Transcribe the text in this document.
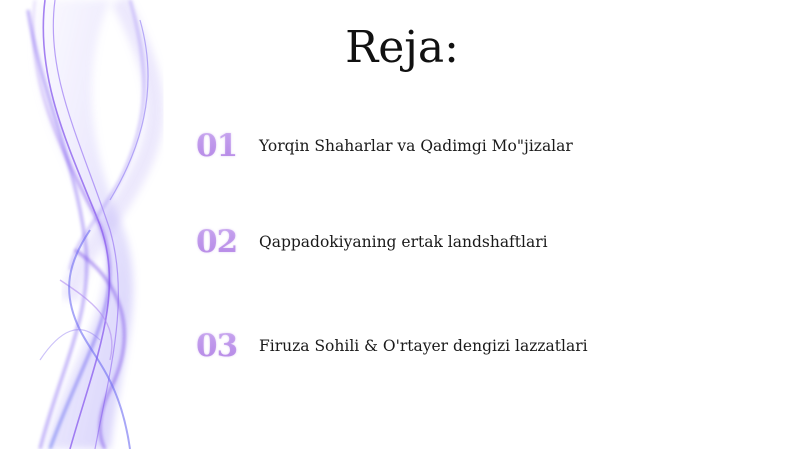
Reja:
01	Yorqin Shaharlar va Qadimgi Mo"jizalar
02	Qappadokiyaning ertak landshaftlari
03	Firuza Sohili & O'rtayer dengizi lazzatlari
